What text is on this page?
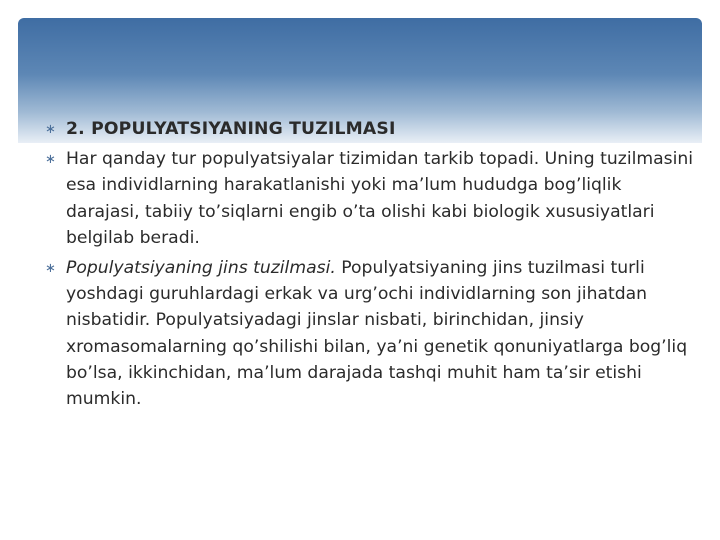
∗ 2. POPULYATSIYANING TUZILMASI
∗ Har qanday tur populyatsiyalar tizimidan tarkib topadi. Uning tuzilmasini esa individlarning harakatlanishi yoki ma’lum hududga bog’liqlik darajasi, tabiiy to’siqlarni engib o’ta olishi kabi biologik xususiyatlari belgilab beradi.
∗ Populyatsiyaning jins tuzilmasi. Populyatsiyaning jins tuzilmasi turli yoshdagi guruhlardagi erkak va urg’ochi individlarning son jihatdan nisbatidir. Populyatsiyadagi jinslar nisbati, birinchidan, jinsiy xromasomalarning qo’shilishi bilan, ya’ni genetik qonuniyatlarga bog’liq bo’lsa, ikkinchidan, ma’lum darajada tashqi muhit ham ta’sir etishi mumkin.
